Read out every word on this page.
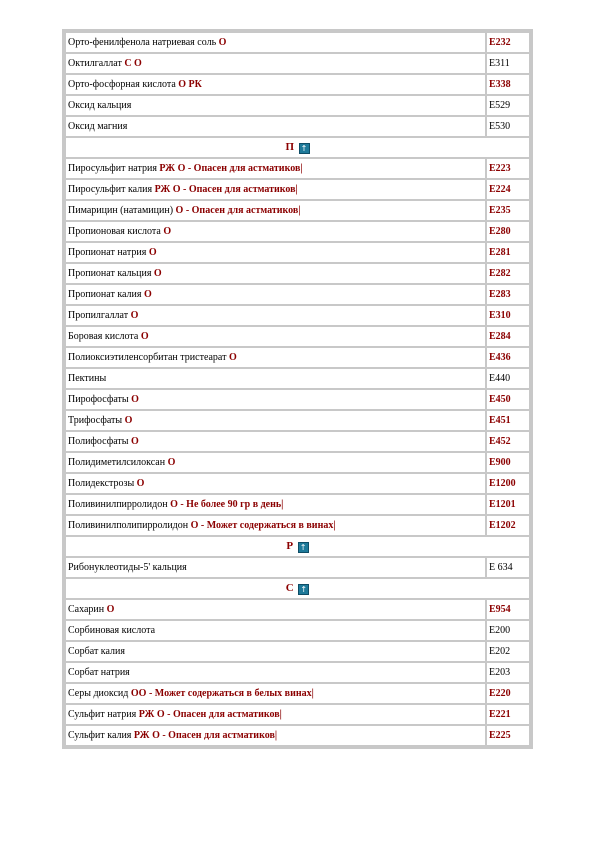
Орто-фенилфенола натриевая соль О	E232
Октилгаллат С О	E311
Орто-фосфорная кислота О РК	E338
Оксид кальция	E529
Оксид магния	E530
П ↑	
Пиросульфит натрия РЖ О - Опасен для астматиков|	E223
Пиросульфит калия РЖ О - Опасен для астматиков|	E224
Пимарицин (натамицин) О - Опасен для астматиков|	E235
Пропионовая кислота О	E280
Пропионат натрия О	E281
Пропионат кальция О	E282
Пропионат калия О	E283
Пропилгаллат О	E310
Боровая кислота О	E284
Полиоксиэтиленсорбитан тристеарат О	E436
Пектины	E440
Пирофосфаты О	E450
Трифосфаты О	E451
Полифосфаты О	E452
Полидиметилсилоксан О	E900
Полидекстрозы О	E1200
Поливинилпирролидон О - Не более 90 гр в день|	E1201
Поливинилполипирролидон О - Может содержаться в винах|	E1202
Р ↑	
Рибонуклеотиды-5' кальция	E 634
С ↑	
Сахарин О	E954
Сорбиновая кислота	E200
Сорбат калия	E202
Сорбат натрия	E203
Серы диоксид ОО - Может содержаться в белых винах|	E220
Сульфит натрия РЖ О - Опасен для астматиков|	E221
Сульфит калия РЖ О - Опасен для астматиков|	E225
